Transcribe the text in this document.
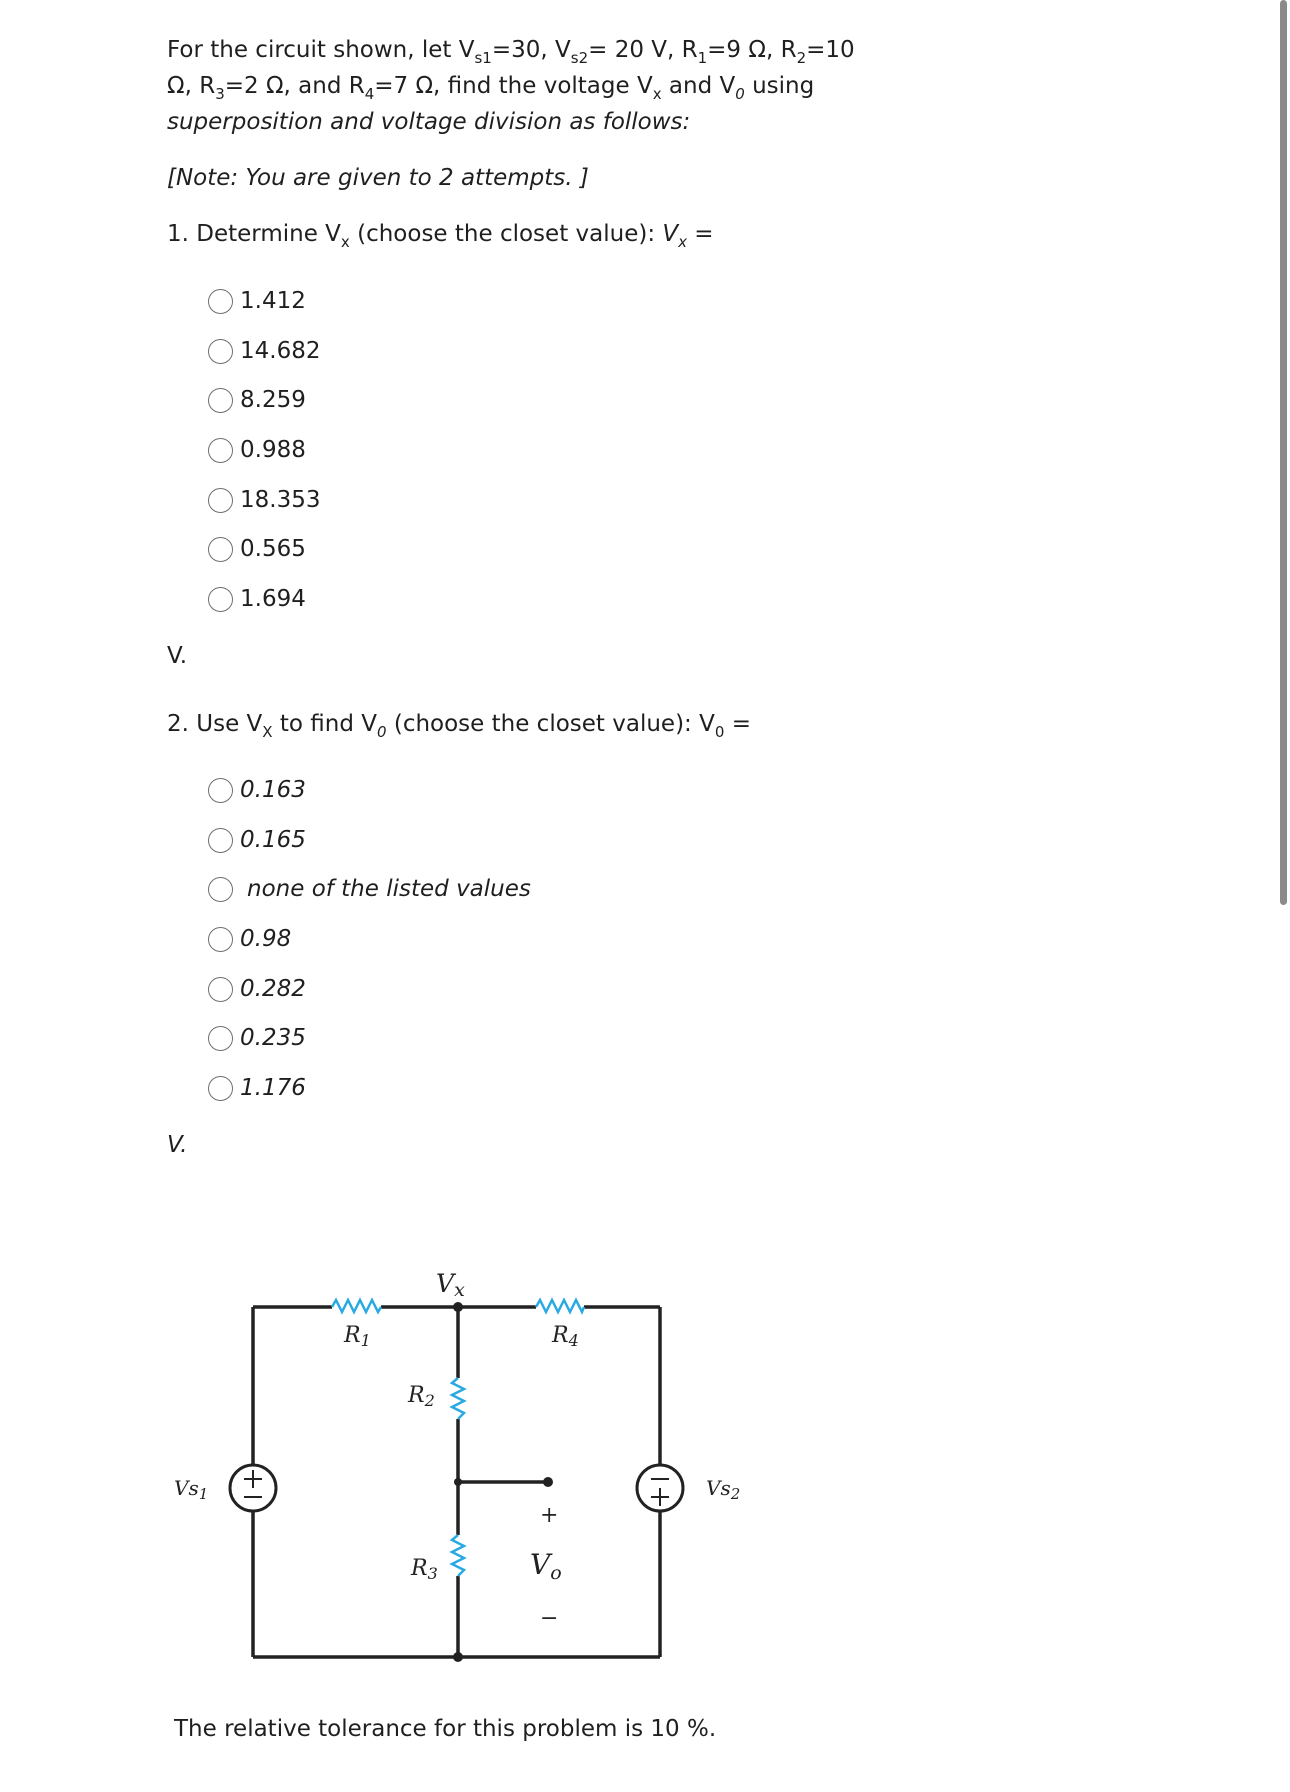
For the circuit shown, let $V_{s1}=30$, $V_{s2}= 20$ V, $R_1=9$ Ω, $R_2=10$
Ω, $R_3=2$ Ω, and $R_4=7$ Ω, find the voltage $V_x$ and $V_0$ using
superposition and voltage division as follows:
[Note: You are given to 2 attempts. ]
1. Determine $V_x$ (choose the closet value): $V_x$ =
1.412
14.682
8.259
0.988
18.353
0.565
1.694
V.
2. Use $V_X$ to find $V_0$ (choose the closet value): $V_0$ =
0.163
0.165
none of the listed values
0.98
0.282
0.235
1.176
V.
Vx
R1	R4
R2
R3
$Vs_1$	$Vs_2$
Vo
+
−
The relative tolerance for this problem is 10 %.
